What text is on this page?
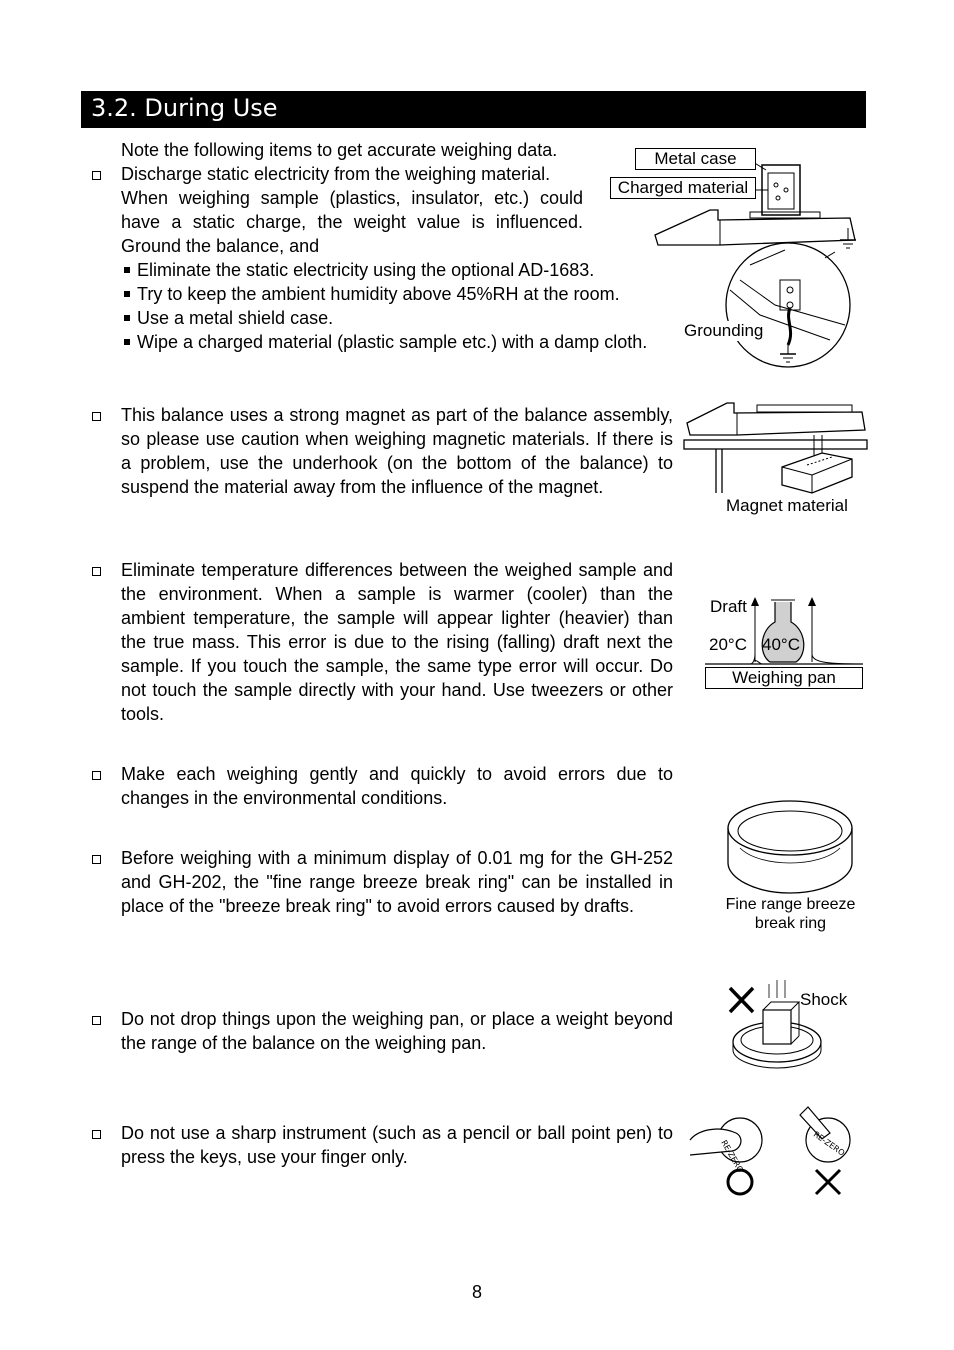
3.2. During Use
Note the following items to get accurate weighing data.
Discharge static electricity from the weighing material.
When weighing sample (plastics, insulator, etc.) could
have a static charge, the weight value is influenced.
Ground the balance, and
Eliminate the static electricity using the optional AD-1683.
Try to keep the ambient humidity above 45%RH at the room.
Use a metal shield case.
Wipe a charged material (plastic sample etc.) with a damp cloth.
This balance uses a strong magnet as part of the balance assembly, so please use caution when weighing magnetic materials. If there is a problem, use the underhook (on the bottom of the balance) to suspend the material away from the influence of the magnet.
Eliminate temperature differences between the weighed sample and the environment. When a sample is warmer (cooler) than the ambient temperature, the sample will appear lighter (heavier) than the true mass. This error is due to the rising (falling) draft next the sample. If you touch the sample, the same type error will occur. Do not touch the sample directly with your hand. Use tweezers or other tools.
Make each weighing gently and quickly to avoid errors due to changes in the environmental conditions.
Before weighing with a minimum display of 0.01 mg for the GH-252 and GH-202, the "fine range breeze break ring" can be installed in place of the "breeze break ring" to avoid errors caused by drafts.
Do not drop things upon the weighing pan, or place a weight beyond the range of the balance on the weighing pan.
Do not use a sharp instrument (such as a pencil or ball point pen) to press the keys, use your finger only.
Metal case
Charged material
Grounding
Magnet material
Draft
20°C 40°C
Weighing pan
Fine range breeze
break ring
Shock
RE-ZERO	RE-ZERO
8
